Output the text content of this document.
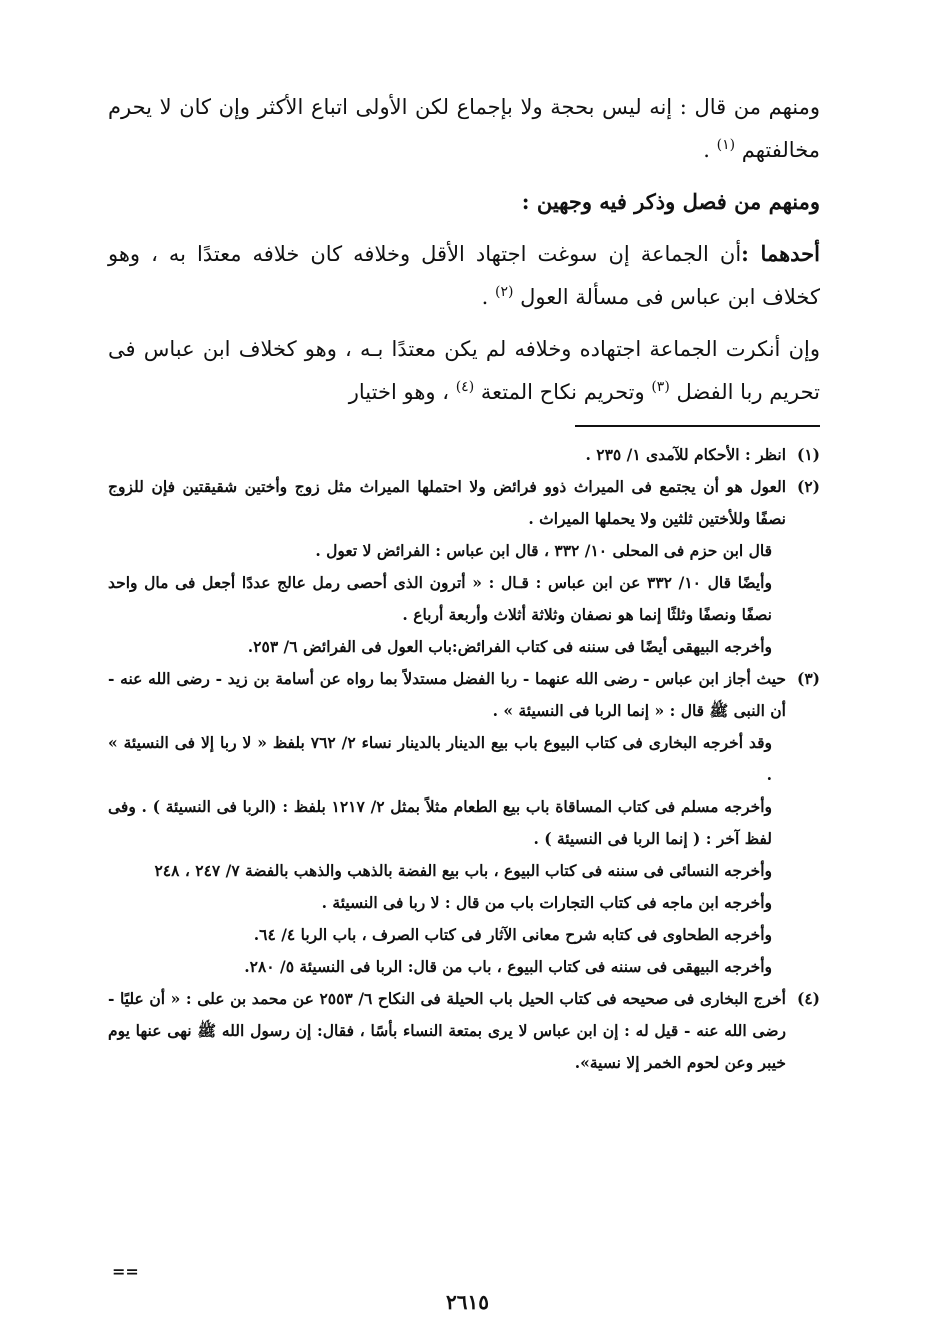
ومنهم من قال : إنه ليس بحجة ولا بإجماع لكن الأولى اتباع الأكثر وإن كان لا يحرم مخالفتهم $^{(١)}$ .

ومنهم من فصل وذكر فيه وجهين :

أحدهما :أن الجماعة إن سوغت اجتهاد الأقل وخلافه كان خلافه معتدًا به ، وهو كخلاف ابن عباس فى مسألة العول $^{(٢)}$ .

وإن أنكرت الجماعة اجتهاده وخلافه لم يكن معتدًا بـه ، وهو كخلاف ابن عباس فى تحريم ربا الفضل $^{(٣)}$ وتحريم نكاح المتعة $^{(٤)}$ ، وهو اختيار

(١)

انظر : الأحكام للآمدى ١/ ٢٣٥ .

(٢)

العول هو أن يجتمع فى الميراث ذوو فرائض ولا احتملها الميراث مثل زوج وأختين شقيقتين فإن للزوج نصفًا وللأختين ثلثين ولا يحملها الميراث .

قال ابن حزم فى المحلى ١٠/ ٣٣٢ ، قال ابن عباس : الفرائض لا تعول .

وأيضًا قال ١٠/ ٣٣٢ عن ابن عباس : قـال : « أترون الذى أحصى رمل عالج عددًا أجعل فى مال واحد نصفًا ونصفًا وثلثًا إنما هو نصفان وثلاثة أثلاث وأربعة أرباع .

وأخرجه البيهقى أيضًا فى سننه فى كتاب الفرائض:باب العول فى الفرائض ٦/ ٢٥٣.

(٣)

حيث أجاز ابن عباس - رضى الله عنهما - ربا الفضل مستدلاً بما رواه عن أسامة بن زيد - رضى الله عنه - أن النبى ﷺ قال : « إنما الربا فى النسيئة » .

وقد أخرجه البخارى فى كتاب البيوع باب بيع الدينار بالدينار نساء ٢/ ٧٦٢ بلفظ « لا ربا إلا فى النسيئة » .

وأخرجه مسلم فى كتاب المساقاة باب بيع الطعام مثلاً بمثل ٢/ ١٢١٧ بلفظ : (الربا فى النسيئة ) . وفى لفظ آخر : ( إنما الربا فى النسيئة ) .

وأخرجه النسائى فى سننه فى كتاب البيوع ، باب بيع الفضة بالذهب والذهب بالفضة ٧/ ٢٤٧ ، ٢٤٨

وأخرجه ابن ماجه فى كتاب التجارات باب من قال : لا ربا فى النسيئة .

وأخرجه الطحاوى فى كتابه شرح معانى الآثار فى كتاب الصرف ، باب الربا ٤/ ٦٤.

وأخرجه البيهقى فى سننه فى كتاب البيوع ، باب من قال: الربا فى النسيئة ٥/ ٢٨٠.

(٤)

أخرج البخارى فى صحيحه فى كتاب الحيل باب الحيلة فى النكاح ٦/ ٢٥٥٣ عن محمد بن على : « أن عليًا - رضى الله عنه - قيل له : إن ابن عباس لا يرى بمتعة النساء بأسًا ، فقال: إن رسول الله ﷺ نهى عنها يوم خيبر وعن لحوم الخمر إلا نسية».

==
٢٦١٥
